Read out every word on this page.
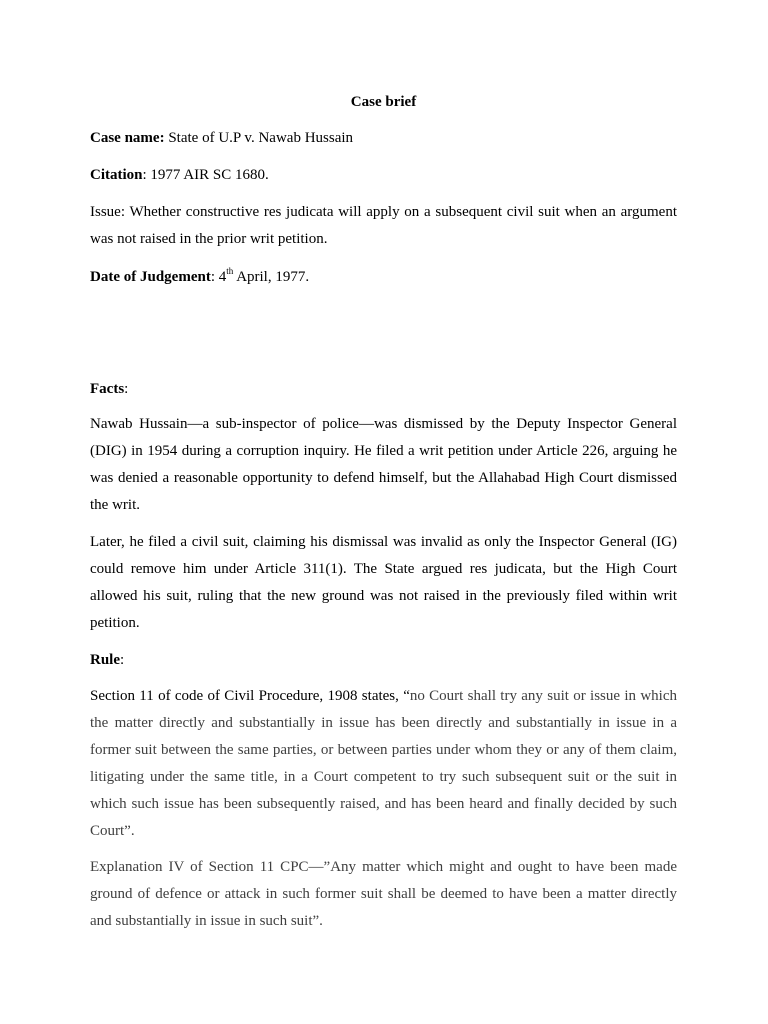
Case brief
Case name: State of U.P v. Nawab Hussain
Citation: 1977 AIR SC 1680.
Issue: Whether constructive res judicata will apply on a subsequent civil suit when an argument was not raised in the prior writ petition.
Date of Judgement: 4th April, 1977.
Facts:
Nawab Hussain—a sub-inspector of police—was dismissed by the Deputy Inspector General (DIG) in 1954 during a corruption inquiry. He filed a writ petition under Article 226, arguing he was denied a reasonable opportunity to defend himself, but the Allahabad High Court dismissed the writ.
Later, he filed a civil suit, claiming his dismissal was invalid as only the Inspector General (IG) could remove him under Article 311(1). The State argued res judicata, but the High Court allowed his suit, ruling that the new ground was not raised in the previously filed within writ petition.
Rule:
Section 11 of code of Civil Procedure, 1908 states, “no Court shall try any suit or issue in which the matter directly and substantially in issue has been directly and substantially in issue in a former suit between the same parties, or between parties under whom they or any of them claim, litigating under the same title, in a Court competent to try such subsequent suit or the suit in which such issue has been subsequently raised, and has been heard and finally decided by such Court”.
Explanation IV of Section 11 CPC—”Any matter which might and ought to have been made ground of defence or attack in such former suit shall be deemed to have been a matter directly and substantially in issue in such suit”.
